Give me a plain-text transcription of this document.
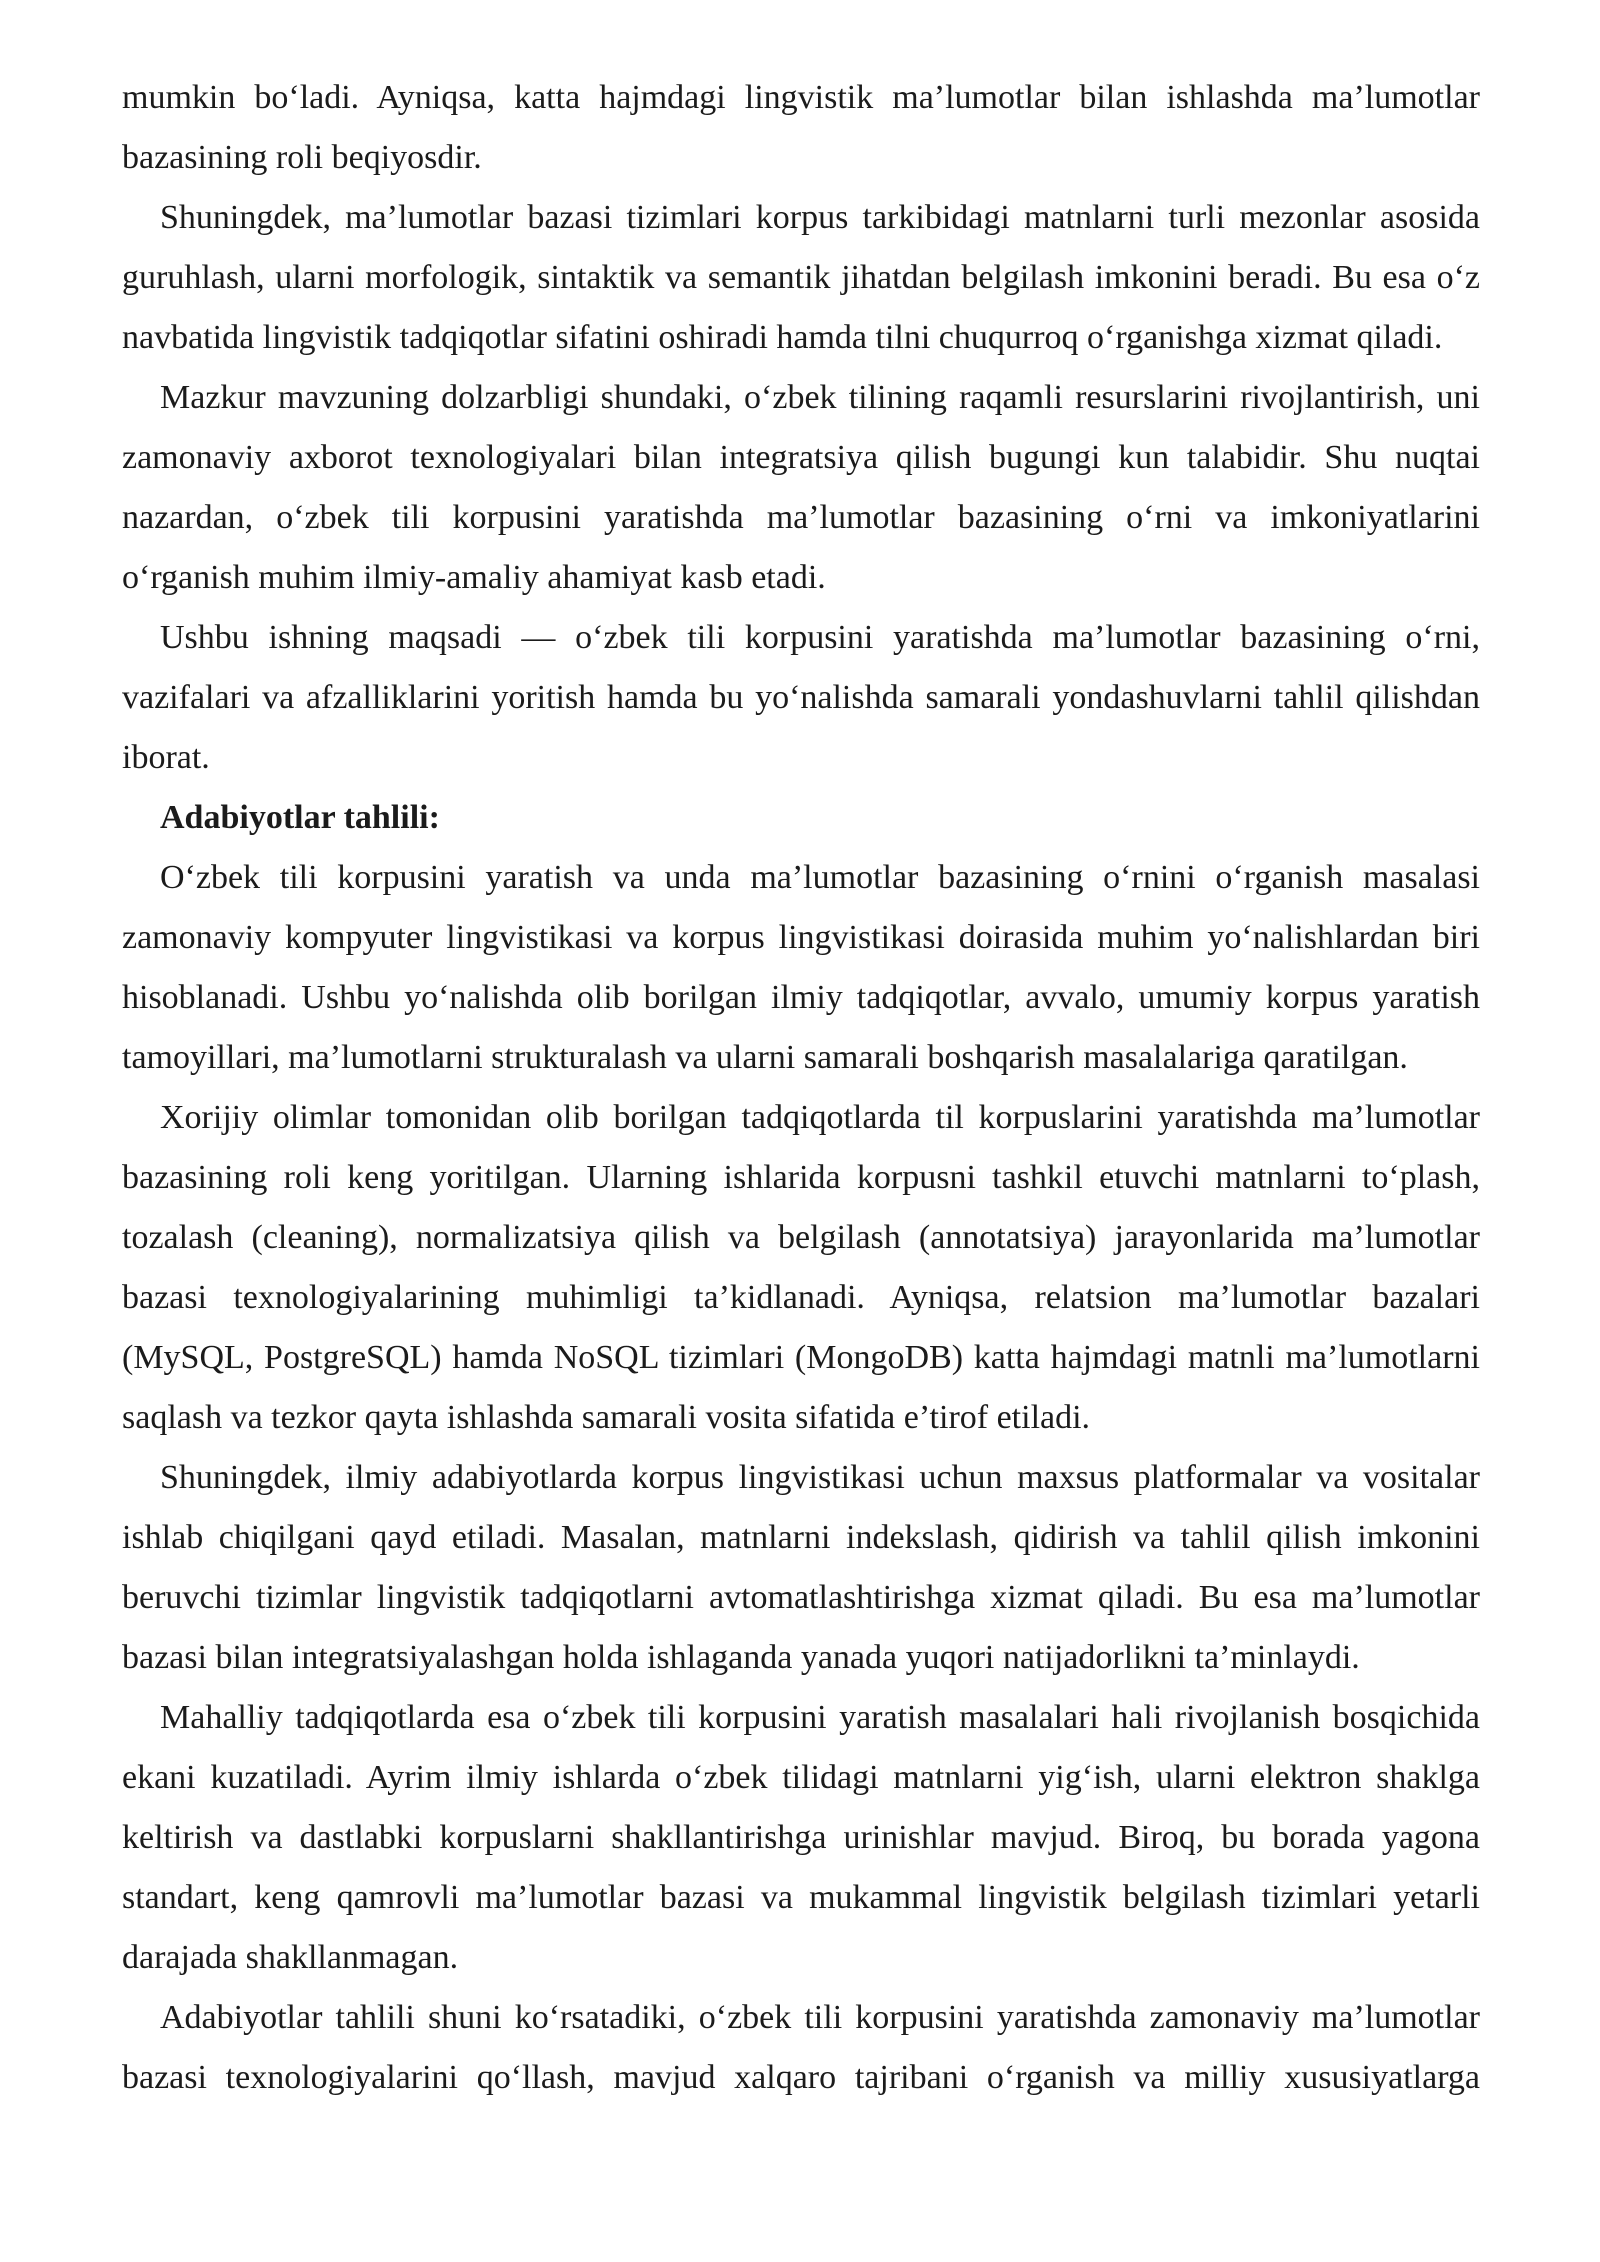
mumkin bo‘ladi. Ayniqsa, katta hajmdagi lingvistik ma’lumotlar bilan ishlashda ma’lumotlar
bazasining roli beqiyosdir.
Shuningdek, ma’lumotlar bazasi tizimlari korpus tarkibidagi matnlarni turli mezonlar asosida
guruhlash, ularni morfologik, sintaktik va semantik jihatdan belgilash imkonini beradi. Bu esa o‘z
navbatida lingvistik tadqiqotlar sifatini oshiradi hamda tilni chuqurroq o‘rganishga xizmat qiladi.
Mazkur mavzuning dolzarbligi shundaki, o‘zbek tilining raqamli resurslarini rivojlantirish, uni
zamonaviy axborot texnologiyalari bilan integratsiya qilish bugungi kun talabidir. Shu nuqtai
nazardan, o‘zbek tili korpusini yaratishda ma’lumotlar bazasining o‘rni va imkoniyatlarini
o‘rganish muhim ilmiy-amaliy ahamiyat kasb etadi.
Ushbu ishning maqsadi — o‘zbek tili korpusini yaratishda ma’lumotlar bazasining o‘rni,
vazifalari va afzalliklarini yoritish hamda bu yo‘nalishda samarali yondashuvlarni tahlil qilishdan
iborat.
Adabiyotlar tahlili:
O‘zbek tili korpusini yaratish va unda ma’lumotlar bazasining o‘rnini o‘rganish masalasi
zamonaviy kompyuter lingvistikasi va korpus lingvistikasi doirasida muhim yo‘nalishlardan biri
hisoblanadi. Ushbu yo‘nalishda olib borilgan ilmiy tadqiqotlar, avvalo, umumiy korpus yaratish
tamoyillari, ma’lumotlarni strukturalash va ularni samarali boshqarish masalalariga qaratilgan.
Xorijiy olimlar tomonidan olib borilgan tadqiqotlarda til korpuslarini yaratishda ma’lumotlar
bazasining roli keng yoritilgan. Ularning ishlarida korpusni tashkil etuvchi matnlarni to‘plash,
tozalash (cleaning), normalizatsiya qilish va belgilash (annotatsiya) jarayonlarida ma’lumotlar
bazasi texnologiyalarining muhimligi ta’kidlanadi. Ayniqsa, relatsion ma’lumotlar bazalari
(MySQL, PostgreSQL) hamda NoSQL tizimlari (MongoDB) katta hajmdagi matnli ma’lumotlarni
saqlash va tezkor qayta ishlashda samarali vosita sifatida e’tirof etiladi.
Shuningdek, ilmiy adabiyotlarda korpus lingvistikasi uchun maxsus platformalar va vositalar
ishlab chiqilgani qayd etiladi. Masalan, matnlarni indekslash, qidirish va tahlil qilish imkonini
beruvchi tizimlar lingvistik tadqiqotlarni avtomatlashtirishga xizmat qiladi. Bu esa ma’lumotlar
bazasi bilan integratsiyalashgan holda ishlaganda yanada yuqori natijadorlikni ta’minlaydi.
Mahalliy tadqiqotlarda esa o‘zbek tili korpusini yaratish masalalari hali rivojlanish bosqichida
ekani kuzatiladi. Ayrim ilmiy ishlarda o‘zbek tilidagi matnlarni yig‘ish, ularni elektron shaklga
keltirish va dastlabki korpuslarni shakllantirishga urinishlar mavjud. Biroq, bu borada yagona
standart, keng qamrovli ma’lumotlar bazasi va mukammal lingvistik belgilash tizimlari yetarli
darajada shakllanmagan.
Adabiyotlar tahlili shuni ko‘rsatadiki, o‘zbek tili korpusini yaratishda zamonaviy ma’lumotlar
bazasi texnologiyalarini qo‘llash, mavjud xalqaro tajribani o‘rganish va milliy xususiyatlarga
